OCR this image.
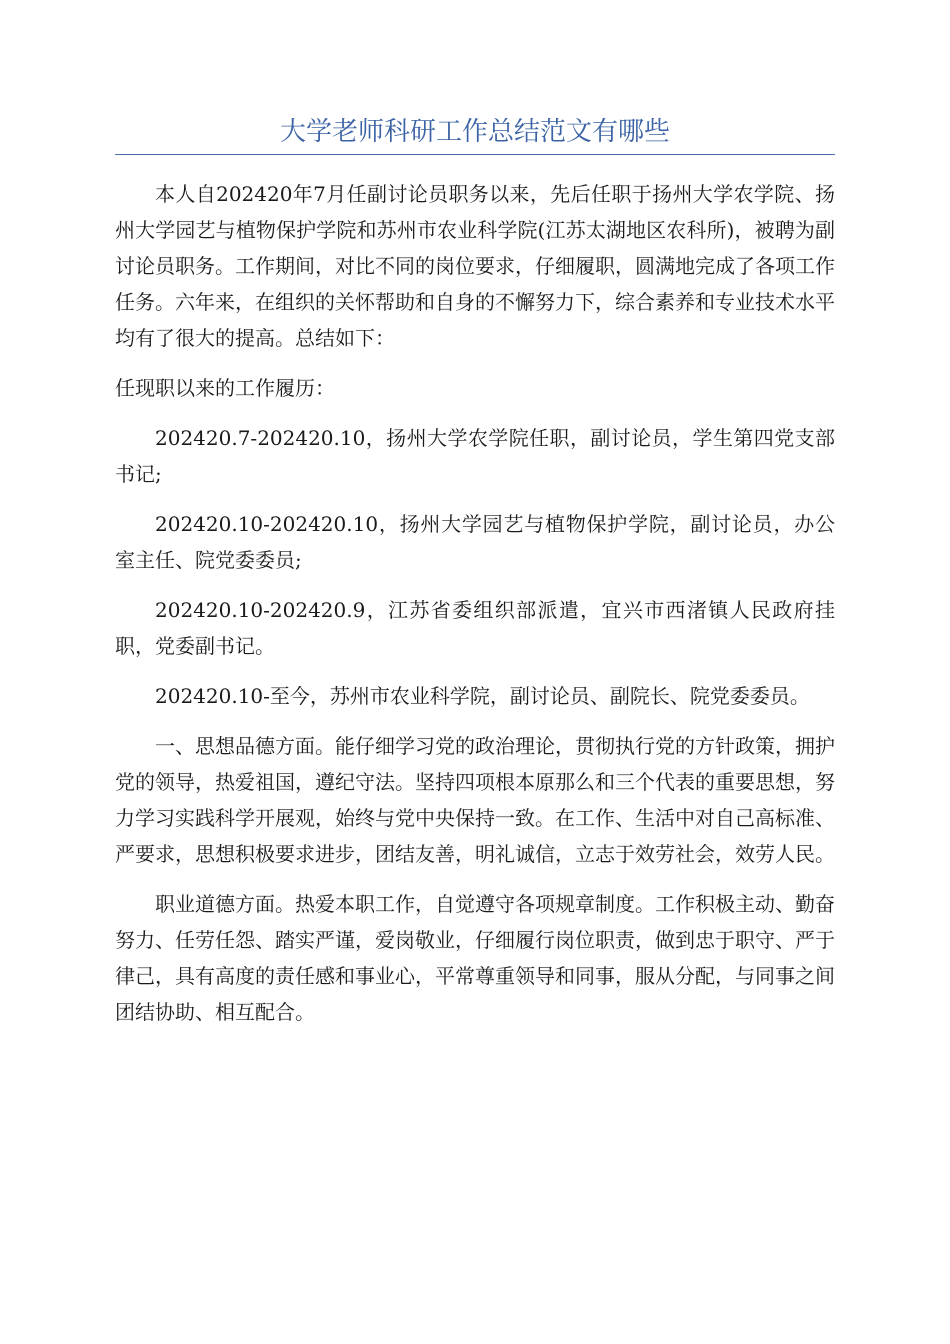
大学老师科研工作总结范文有哪些

本人自202420年7月任副讨论员职务以来，先后任职于扬州大学农学院、扬州大学园艺与植物保护学院和苏州市农业科学院(江苏太湖地区农科所)，被聘为副讨论员职务。工作期间，对比不同的岗位要求，仔细履职，圆满地完成了各项工作任务。六年来，在组织的关怀帮助和自身的不懈努力下，综合素养和专业技术水平均有了很大的提高。总结如下：

任现职以来的工作履历：

202420.7-202420.10，扬州大学农学院任职，副讨论员，学生第四党支部书记;

202420.10-202420.10，扬州大学园艺与植物保护学院，副讨论员，办公室主任、院党委委员;

202420.10-202420.9，江苏省委组织部派遣，宜兴市西渚镇人民政府挂职，党委副书记。

202420.10-至今，苏州市农业科学院，副讨论员、副院长、院党委委员。

一、思想品德方面。能仔细学习党的政治理论，贯彻执行党的方针政策，拥护党的领导，热爱祖国，遵纪守法。坚持四项根本原那么和三个代表的重要思想，努力学习实践科学开展观，始终与党中央保持一致。在工作、生活中对自己高标准、严要求，思想积极要求进步，团结友善，明礼诚信，立志于效劳社会，效劳人民。

职业道德方面。热爱本职工作，自觉遵守各项规章制度。工作积极主动、勤奋努力、任劳任怨、踏实严谨，爱岗敬业，仔细履行岗位职责，做到忠于职守、严于律己，具有高度的责任感和事业心，平常尊重领导和同事，服从分配，与同事之间团结协助、相互配合。
